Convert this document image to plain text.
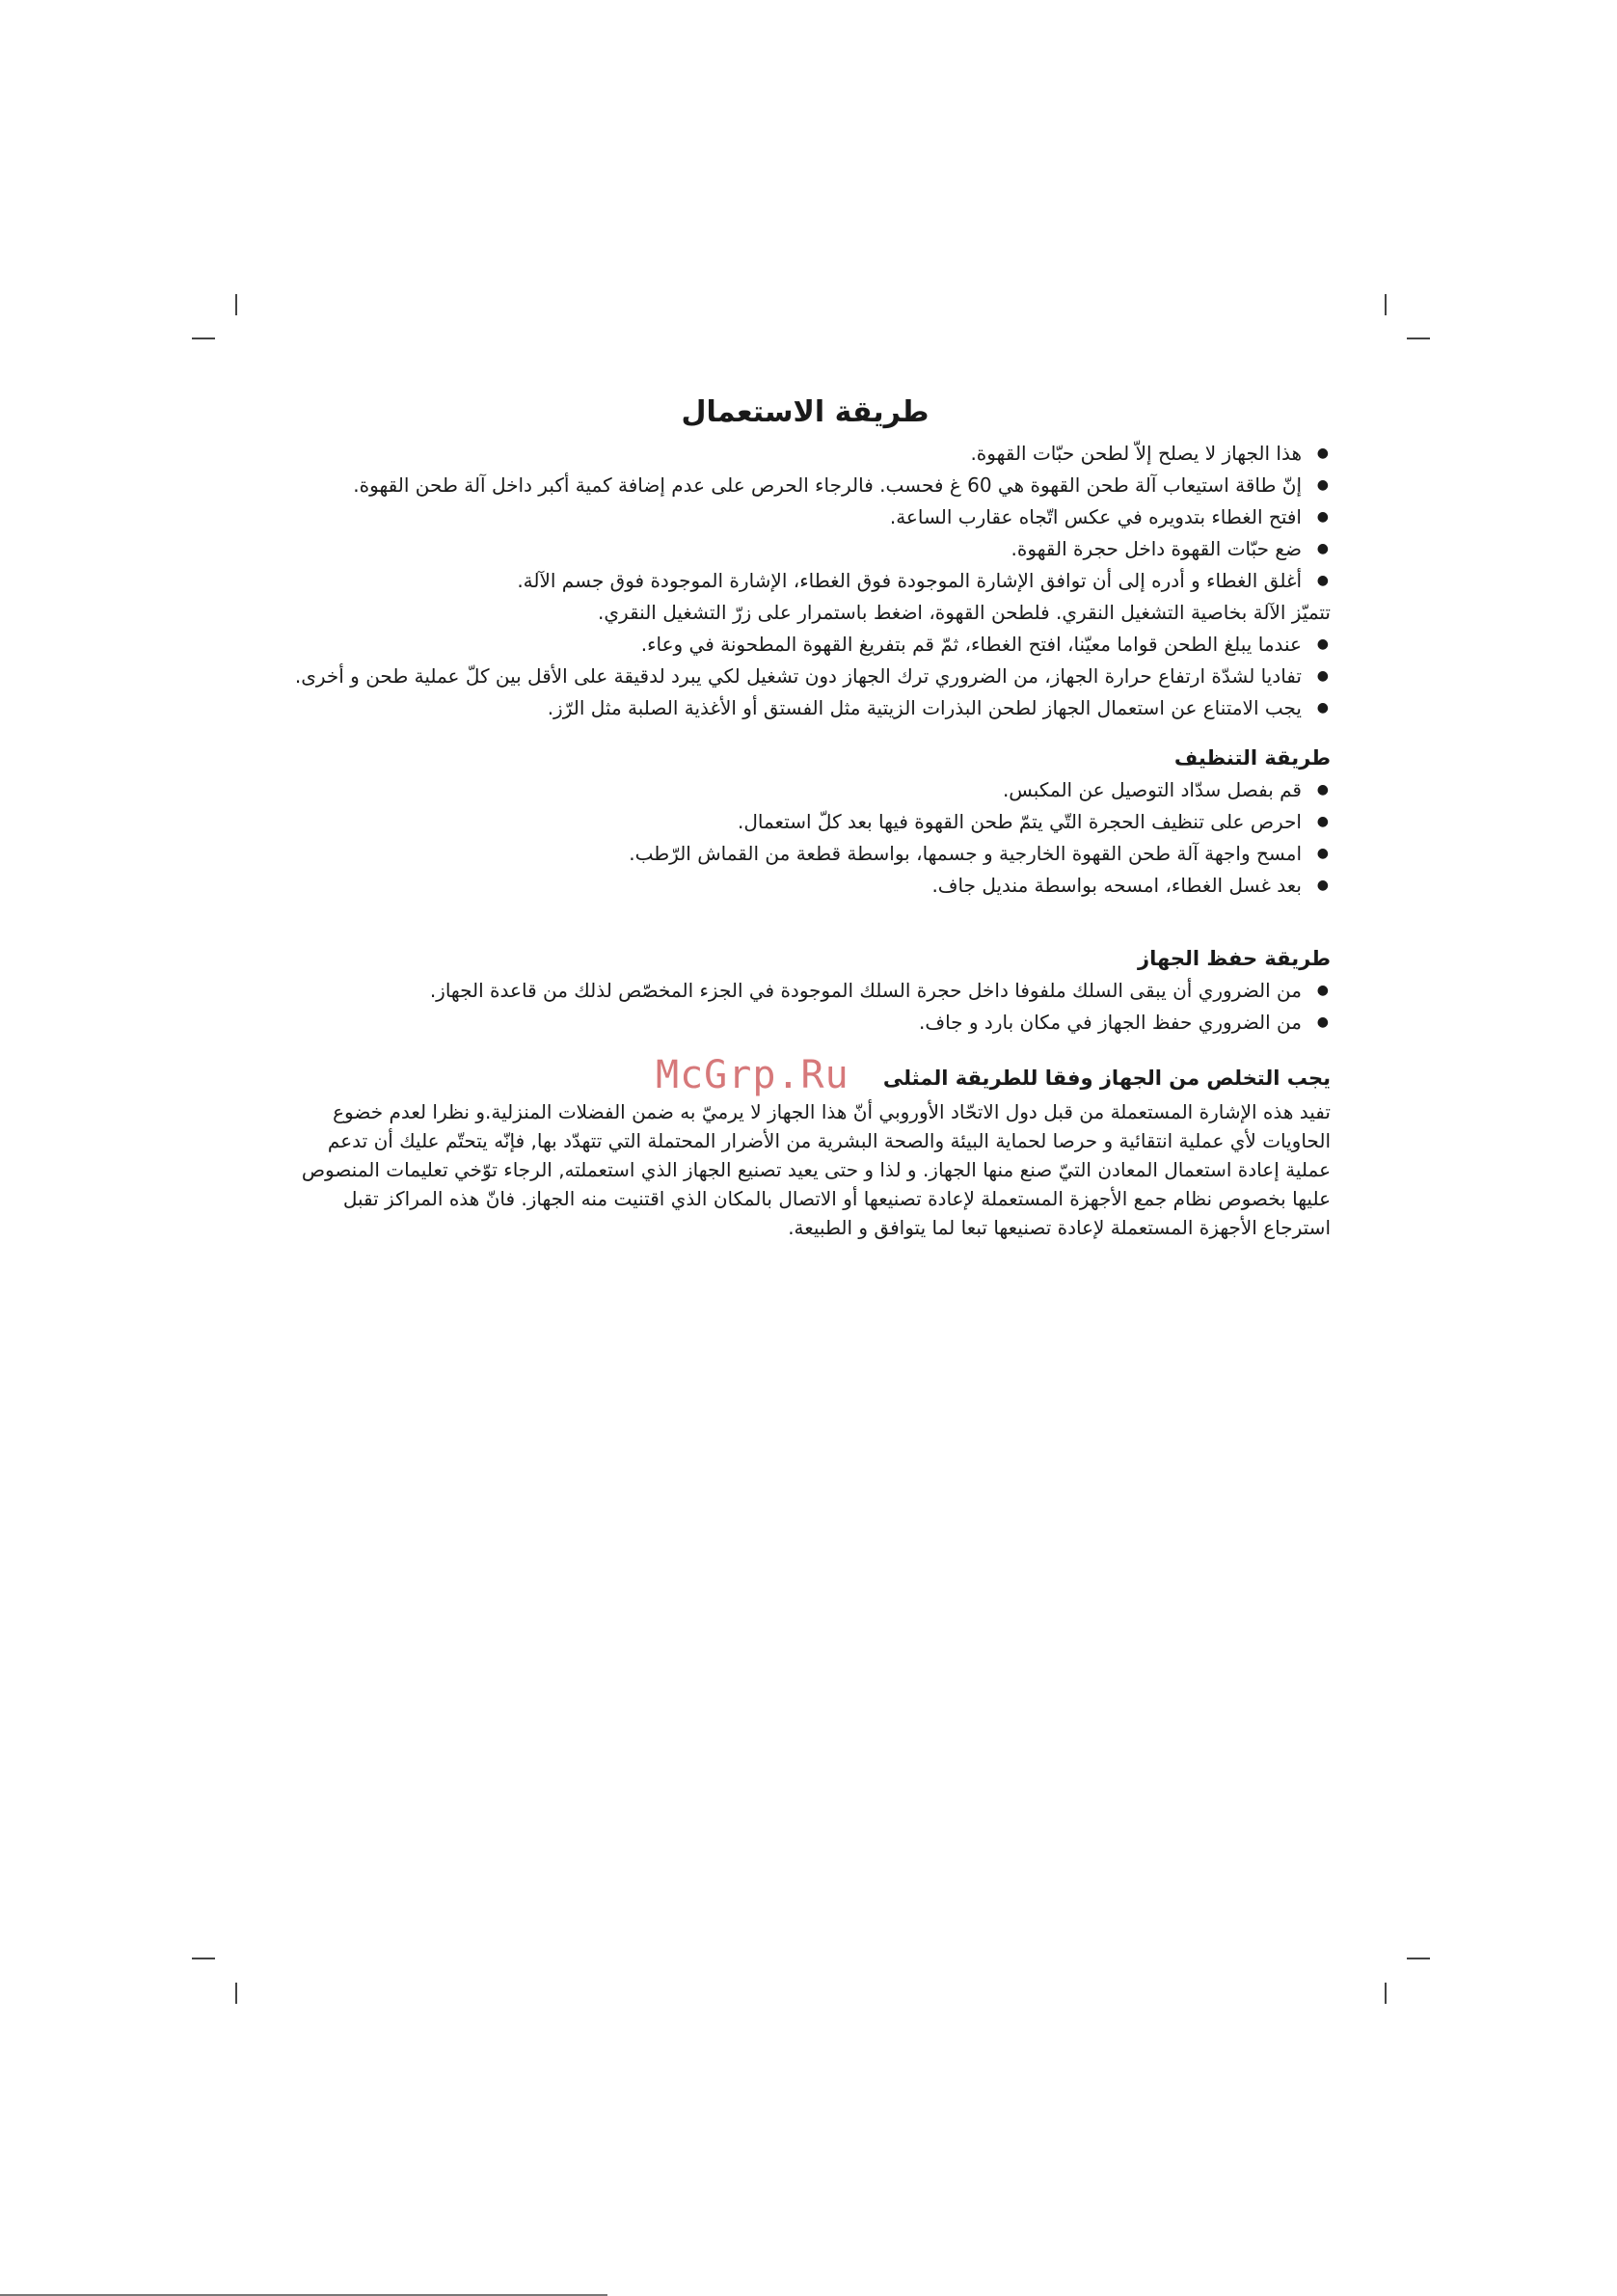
طريقة الاستعمال
●
هذا الجهاز لا يصلح إلاّ لطحن حبّات القهوة.
●
إنّ طاقة استيعاب آلة طحن القهوة هي 60 غ فحسب. فالرجاء الحرص على عدم إضافة كمية أكبر داخل آلة طحن القهوة.
●
افتح الغطاء بتدويره في عكس اتّجاه عقارب الساعة.
●
ضع حبّات القهوة داخل حجرة القهوة.
●
أغلق الغطاء و أدره إلى أن توافق الإشارة الموجودة فوق الغطاء، الإشارة الموجودة فوق جسم الآلة.

تتميّز الآلة بخاصية التشغيل النقري. فلطحن القهوة، اضغط باستمرار على زرّ التشغيل النقري.

●
عندما يبلغ الطحن قواما معيّنا، افتح الغطاء، ثمّ قم بتفريغ القهوة المطحونة في وعاء.
●
تفاديا لشدّة ارتفاع حرارة الجهاز، من الضروري ترك الجهاز دون تشغيل لكي يبرد لدقيقة على الأقل بين كلّ عملية طحن و أخرى.
●
يجب الامتناع عن استعمال الجهاز لطحن البذرات الزيتية مثل الفستق أو الأغذية الصلبة مثل الرّز.
طريقة التنظيف
●
قم بفصل سدّاد التوصيل عن المكبس.
●
احرص على تنظيف الحجرة التّي يتمّ طحن القهوة فيها بعد كلّ استعمال.
●
امسح واجهة آلة طحن القهوة الخارجية و جسمها، بواسطة قطعة من القماش الرّطب.
●
بعد غسل الغطاء، امسحه بواسطة منديل جاف.
طريقة حفظ الجهاز
●
من الضروري أن يبقى السلك ملفوفا داخل حجرة السلك الموجودة في الجزء المخصّص لذلك من قاعدة الجهاز.
●
من الضروري حفظ الجهاز في مكان بارد و جاف.
يجب التخلص من الجهاز وفقا للطريقة المثلى
McGrp.Ru

تفيد هذه الإشارة المستعملة من قبل دول الاتحّاد الأوروبي أنّ هذا الجهاز لا يرميّ به ضمن الفضلات المنزلية.و نظرا لعدم خضوع الحاويات لأي عملية انتقائية و حرصا لحماية البيئة والصحة البشرية من الأضرار المحتملة التي تتهدّد بها, فإنّه يتحتّم عليك أن تدعم عملية إعادة استعمال المعادن التيّ صنع منها الجهاز. و لذا و حتى يعيد تصنيع الجهاز الذي استعملته, الرجاء توّخي تعليمات المنصوص عليها بخصوص نظام جمع الأجهزة المستعملة لإعادة تصنيعها أو الاتصال بالمكان الذي اقتنيت منه الجهاز. فانّ هذه المراكز تقبل استرجاع الأجهزة المستعملة لإعادة تصنيعها تبعا لما يتوافق و الطبيعة.
